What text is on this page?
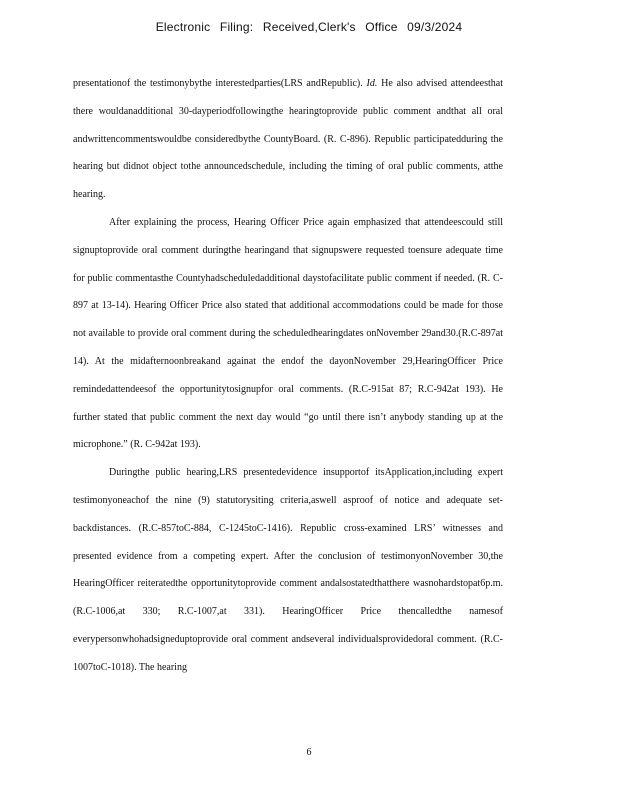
Electronic Filing: Received,Clerk's Office 09/3/2024

presentationof the testimonybythe interestedparties(LRS andRepublic). Id. He also advised attendeesthat there wouldanadditional 30-dayperiodfollowingthe hearingtoprovide public comment andthat all oral andwrittencommentswouldbe consideredbythe CountyBoard. (R. C-896). Republic participatedduring the hearing but didnot object tothe announcedschedule, including the timing of oral public comments, atthe hearing.

After explaining the process, Hearing Officer Price again emphasized that attendeescould still signuptoprovide oral comment duringthe hearingand that signupswere requested toensure adequate time for public commentasthe Countyhadscheduledadditional daystofacilitate public comment if needed. (R. C-897 at 13-14). Hearing Officer Price also stated that additional accommodations could be made for those not available to provide oral comment during the scheduledhearingdates onNovember 29and30.(R.C-897at 14). At the midafternoonbreakand againat the endof the dayonNovember 29,HearingOfficer Price remindedattendeesof the opportunitytosignupfor oral comments. (R.C-915at 87; R.C-942at 193). He further stated that public comment the next day would “go until there isn’t anybody standing up at the microphone.” (R. C-942at 193).

Duringthe public hearing,LRS presentedevidence insupportof itsApplication,including expert testimonyoneachof the nine (9) statutorysiting criteria,aswell asproof of notice and adequate set-backdistances. (R.C-857toC-884, C-1245toC-1416). Republic cross-examined LRS’ witnesses and presented evidence from a competing expert. After the conclusion of testimonyonNovember 30,the HearingOfficer reiteratedthe opportunitytoprovide comment andalsostatedthatthere wasnohardstopat6p.m. (R.C-1006,at 330; R.C-1007,at 331). HearingOfficer Price thencalledthe namesof everypersonwhohadsigneduptoprovide oral comment andseveral individualsprovidedoral comment. (R.C-1007toC-1018). The hearing

6
